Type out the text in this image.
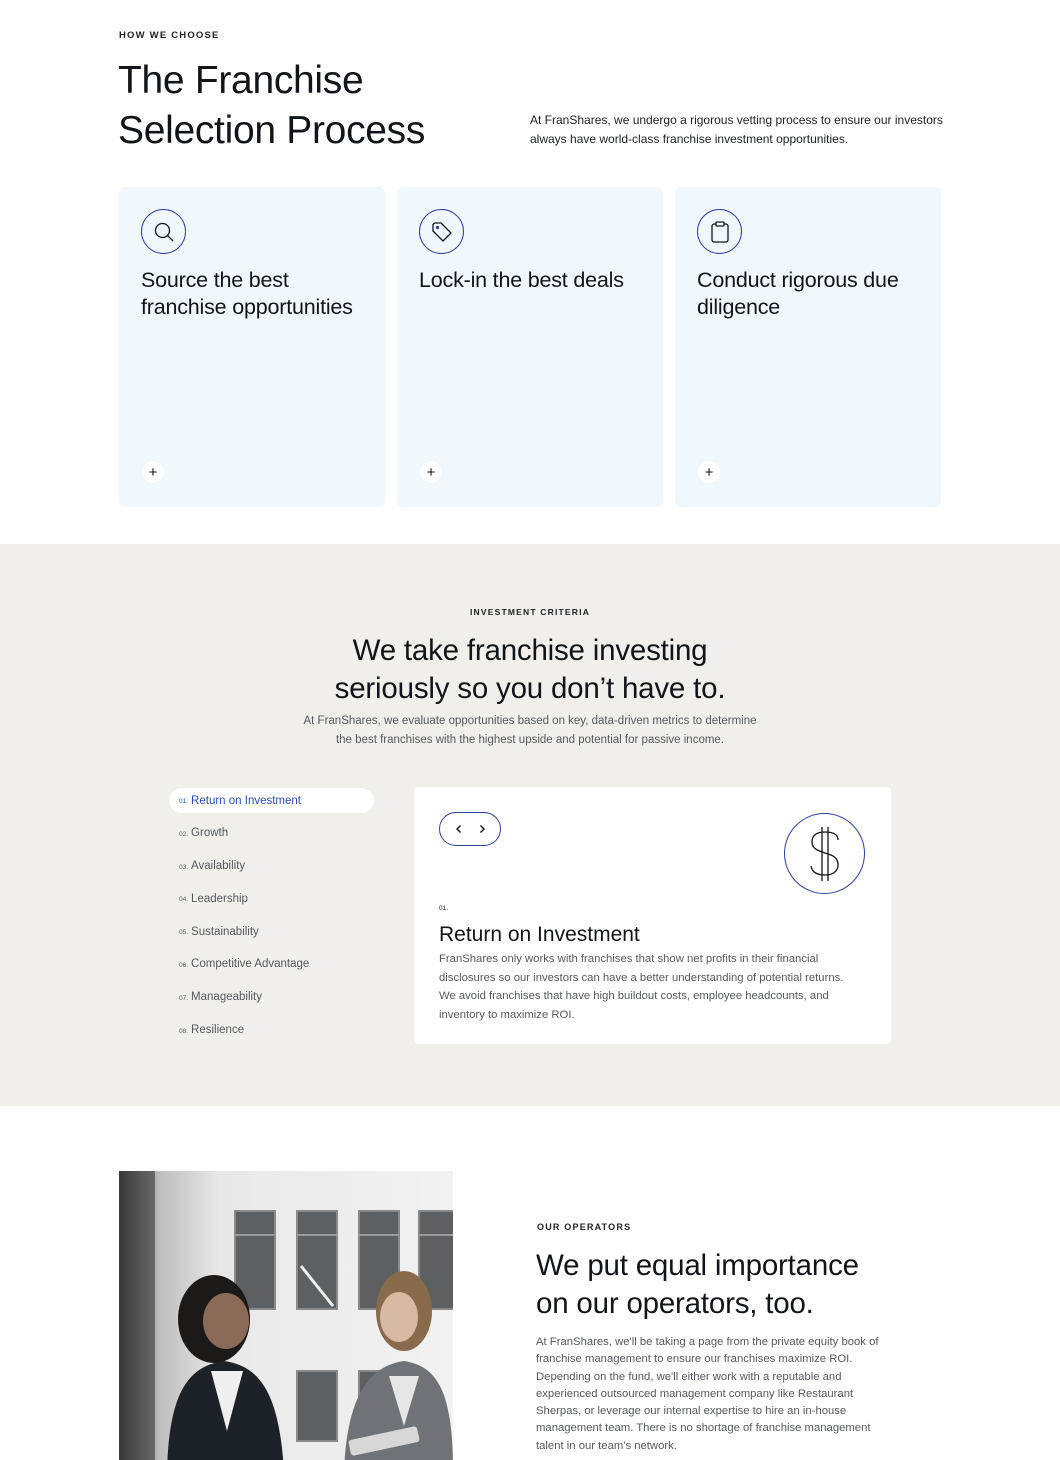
HOW WE CHOOSE
The Franchise Selection Process	At FranShares, we undergo a rigorous vetting process to ensure our investors always have world-class franchise investment opportunities.

Source the best franchise opportunities
+
Lock-in the best deals
+
Conduct rigorous due diligence
+
INVESTMENT CRITERIA
We take franchise investing
seriously so you don’t have to.

At FranShares, we evaluate opportunities based on key, data-driven metrics to determine
the best franchises with the highest upside and potential for passive income.

01. Return on Investment
02. Growth
03. Availability
04. Leadership
05. Sustainability
06. Competitive Advantage
07. Manageability
08. Resilience
01.
Return on Investment

FranShares only works with franchises that show net profits in their financial disclosures so our investors can have a better understanding of potential returns. We avoid franchises that have high buildout costs, employee headcounts, and inventory to maximize ROI.

OUR OPERATORS
We put equal importance
on our operators, too.

At FranShares, we'll be taking a page from the private equity book of franchise management to ensure our franchises maximize ROI. Depending on the fund, we'll either work with a reputable and experienced outsourced management company like Restaurant Sherpas, or leverage our internal expertise to hire an in-house management team. There is no shortage of franchise management talent in our team's network.
